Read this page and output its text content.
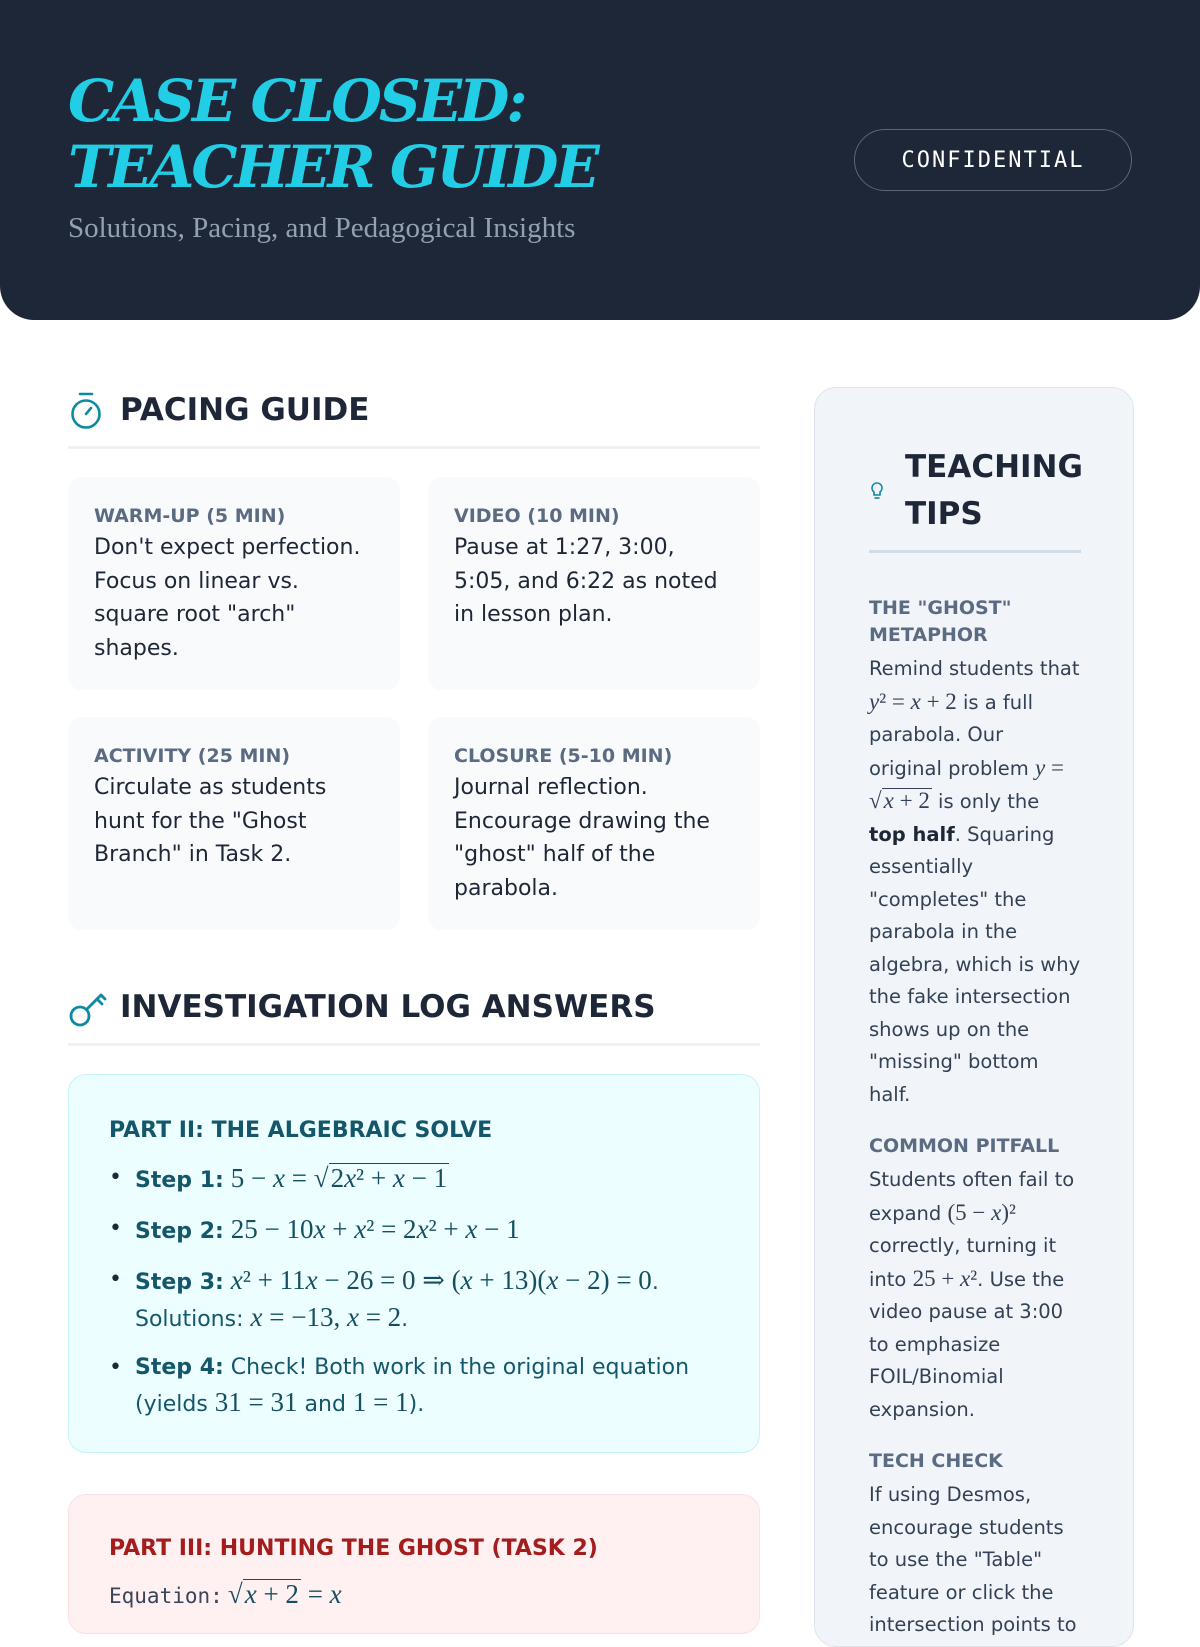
CASE CLOSED: TEACHER GUIDE
Solutions, Pacing, and Pedagogical Insights
CONFIDENTIAL
PACING GUIDE
WARM-UP (5 MIN)
Don't expect perfection. Focus on linear vs. square root "arch" shapes.
VIDEO (10 MIN)
Pause at 1:27, 3:00, 5:05, and 6:22 as noted in lesson plan.
ACTIVITY (25 MIN)
Circulate as students hunt for the "Ghost Branch" in Task 2.
CLOSURE (5-10 MIN)
Journal reflection. Encourage drawing the "ghost" half of the parabola.
INVESTIGATION LOG ANSWERS
PART II: THE ALGEBRAIC SOLVE
• Step 1: 5 − x = √2x² + x − 1
• Step 2: 25 − 10x + x² = 2x² + x − 1
• Step 3: x² + 11x − 26 = 0 ⇒ (x + 13)(x − 2) = 0. Solutions: x = −13, x = 2.
• Step 4: Check! Both work in the original equation (yields 31 = 31 and 1 = 1).
PART III: HUNTING THE GHOST (TASK 2)
Equation: √x + 2 = x
TEACHING TIPS
THE "GHOST" METAPHOR
Remind students that y² = x + 2 is a full parabola. Our original problem y = √x + 2 is only the top half. Squaring essentially "completes" the parabola in the algebra, which is why the fake intersection shows up on the "missing" bottom half.
COMMON PITFALL
Students often fail to expand (5 − x)² correctly, turning it into 25 + x². Use the video pause at 3:00 to emphasize FOIL/Binomial expansion.
TECH CHECK
If using Desmos, encourage students to use the "Table" feature or click the intersection points to
